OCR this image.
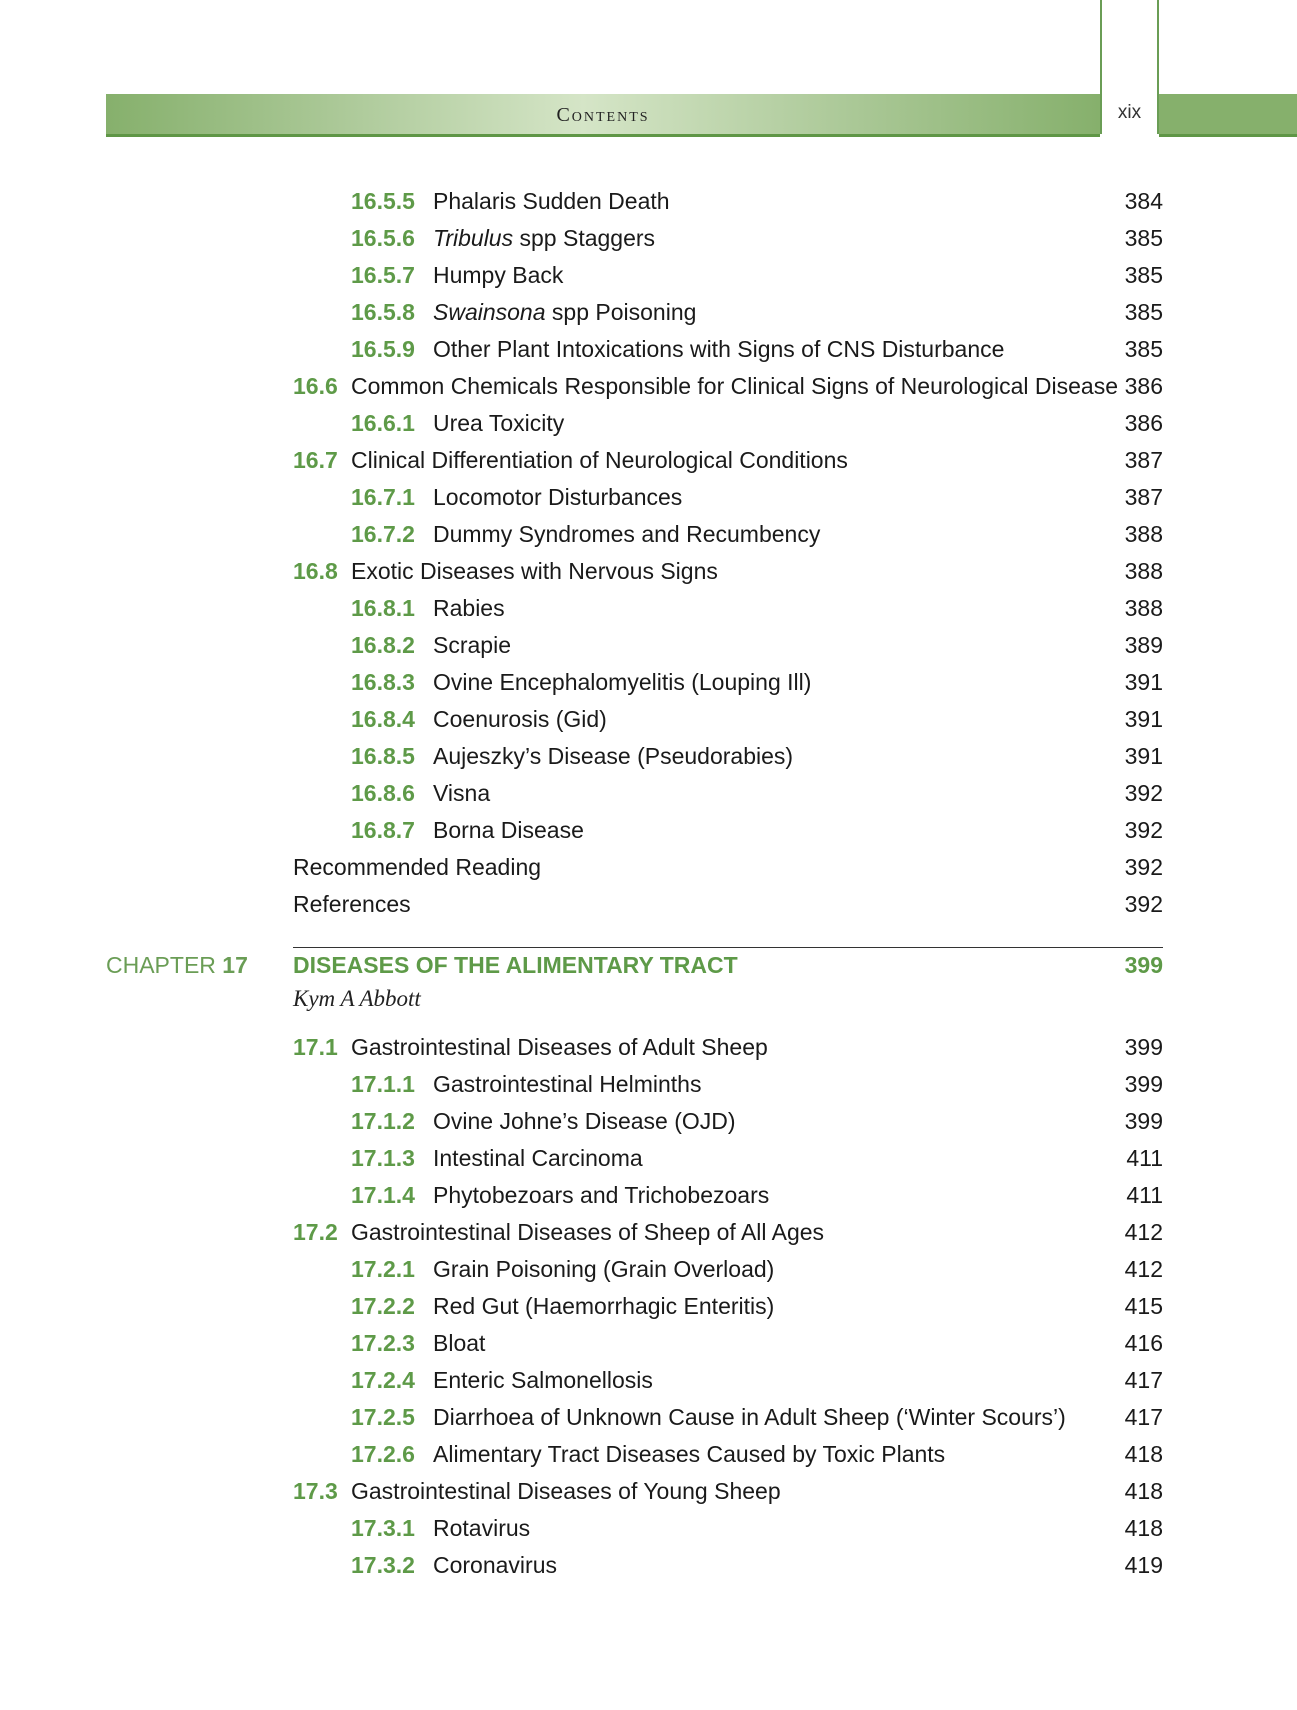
Contents	xix
16.5.5 Phalaris Sudden Death	384
16.5.6 Tribulus spp Staggers	385
16.5.7 Humpy Back	385
16.5.8 Swainsona spp Poisoning	385
16.5.9 Other Plant Intoxications with Signs of CNS Disturbance	385
16.6 Common Chemicals Responsible for Clinical Signs of Neurological Disease 386
16.6.1 Urea Toxicity	386
16.7 Clinical Differentiation of Neurological Conditions	387
16.7.1 Locomotor Disturbances	387
16.7.2 Dummy Syndromes and Recumbency	388
16.8 Exotic Diseases with Nervous Signs	388
16.8.1 Rabies	388
16.8.2 Scrapie	389
16.8.3 Ovine Encephalomyelitis (Louping Ill)	391
16.8.4 Coenurosis (Gid)	391
16.8.5 Aujeszky’s Disease (Pseudorabies)	391
16.8.6 Visna	392
16.8.7 Borna Disease	392
Recommended Reading	392
References	392
CHAPTER 17 DISEASES OF THE ALIMENTARY TRACT	399
Kym A Abbott
17.1 Gastrointestinal Diseases of Adult Sheep	399
17.1.1 Gastrointestinal Helminths	399
17.1.2 Ovine Johne’s Disease (OJD)	399
17.1.3 Intestinal Carcinoma	411
17.1.4 Phytobezoars and Trichobezoars	411
17.2 Gastrointestinal Diseases of Sheep of All Ages	412
17.2.1 Grain Poisoning (Grain Overload)	412
17.2.2 Red Gut (Haemorrhagic Enteritis)	415
17.2.3 Bloat	416
17.2.4 Enteric Salmonellosis	417
17.2.5 Diarrhoea of Unknown Cause in Adult Sheep (‘Winter Scours’)	417
17.2.6 Alimentary Tract Diseases Caused by Toxic Plants	418
17.3 Gastrointestinal Diseases of Young Sheep	418
17.3.1 Rotavirus	418
17.3.2 Coronavirus	419
